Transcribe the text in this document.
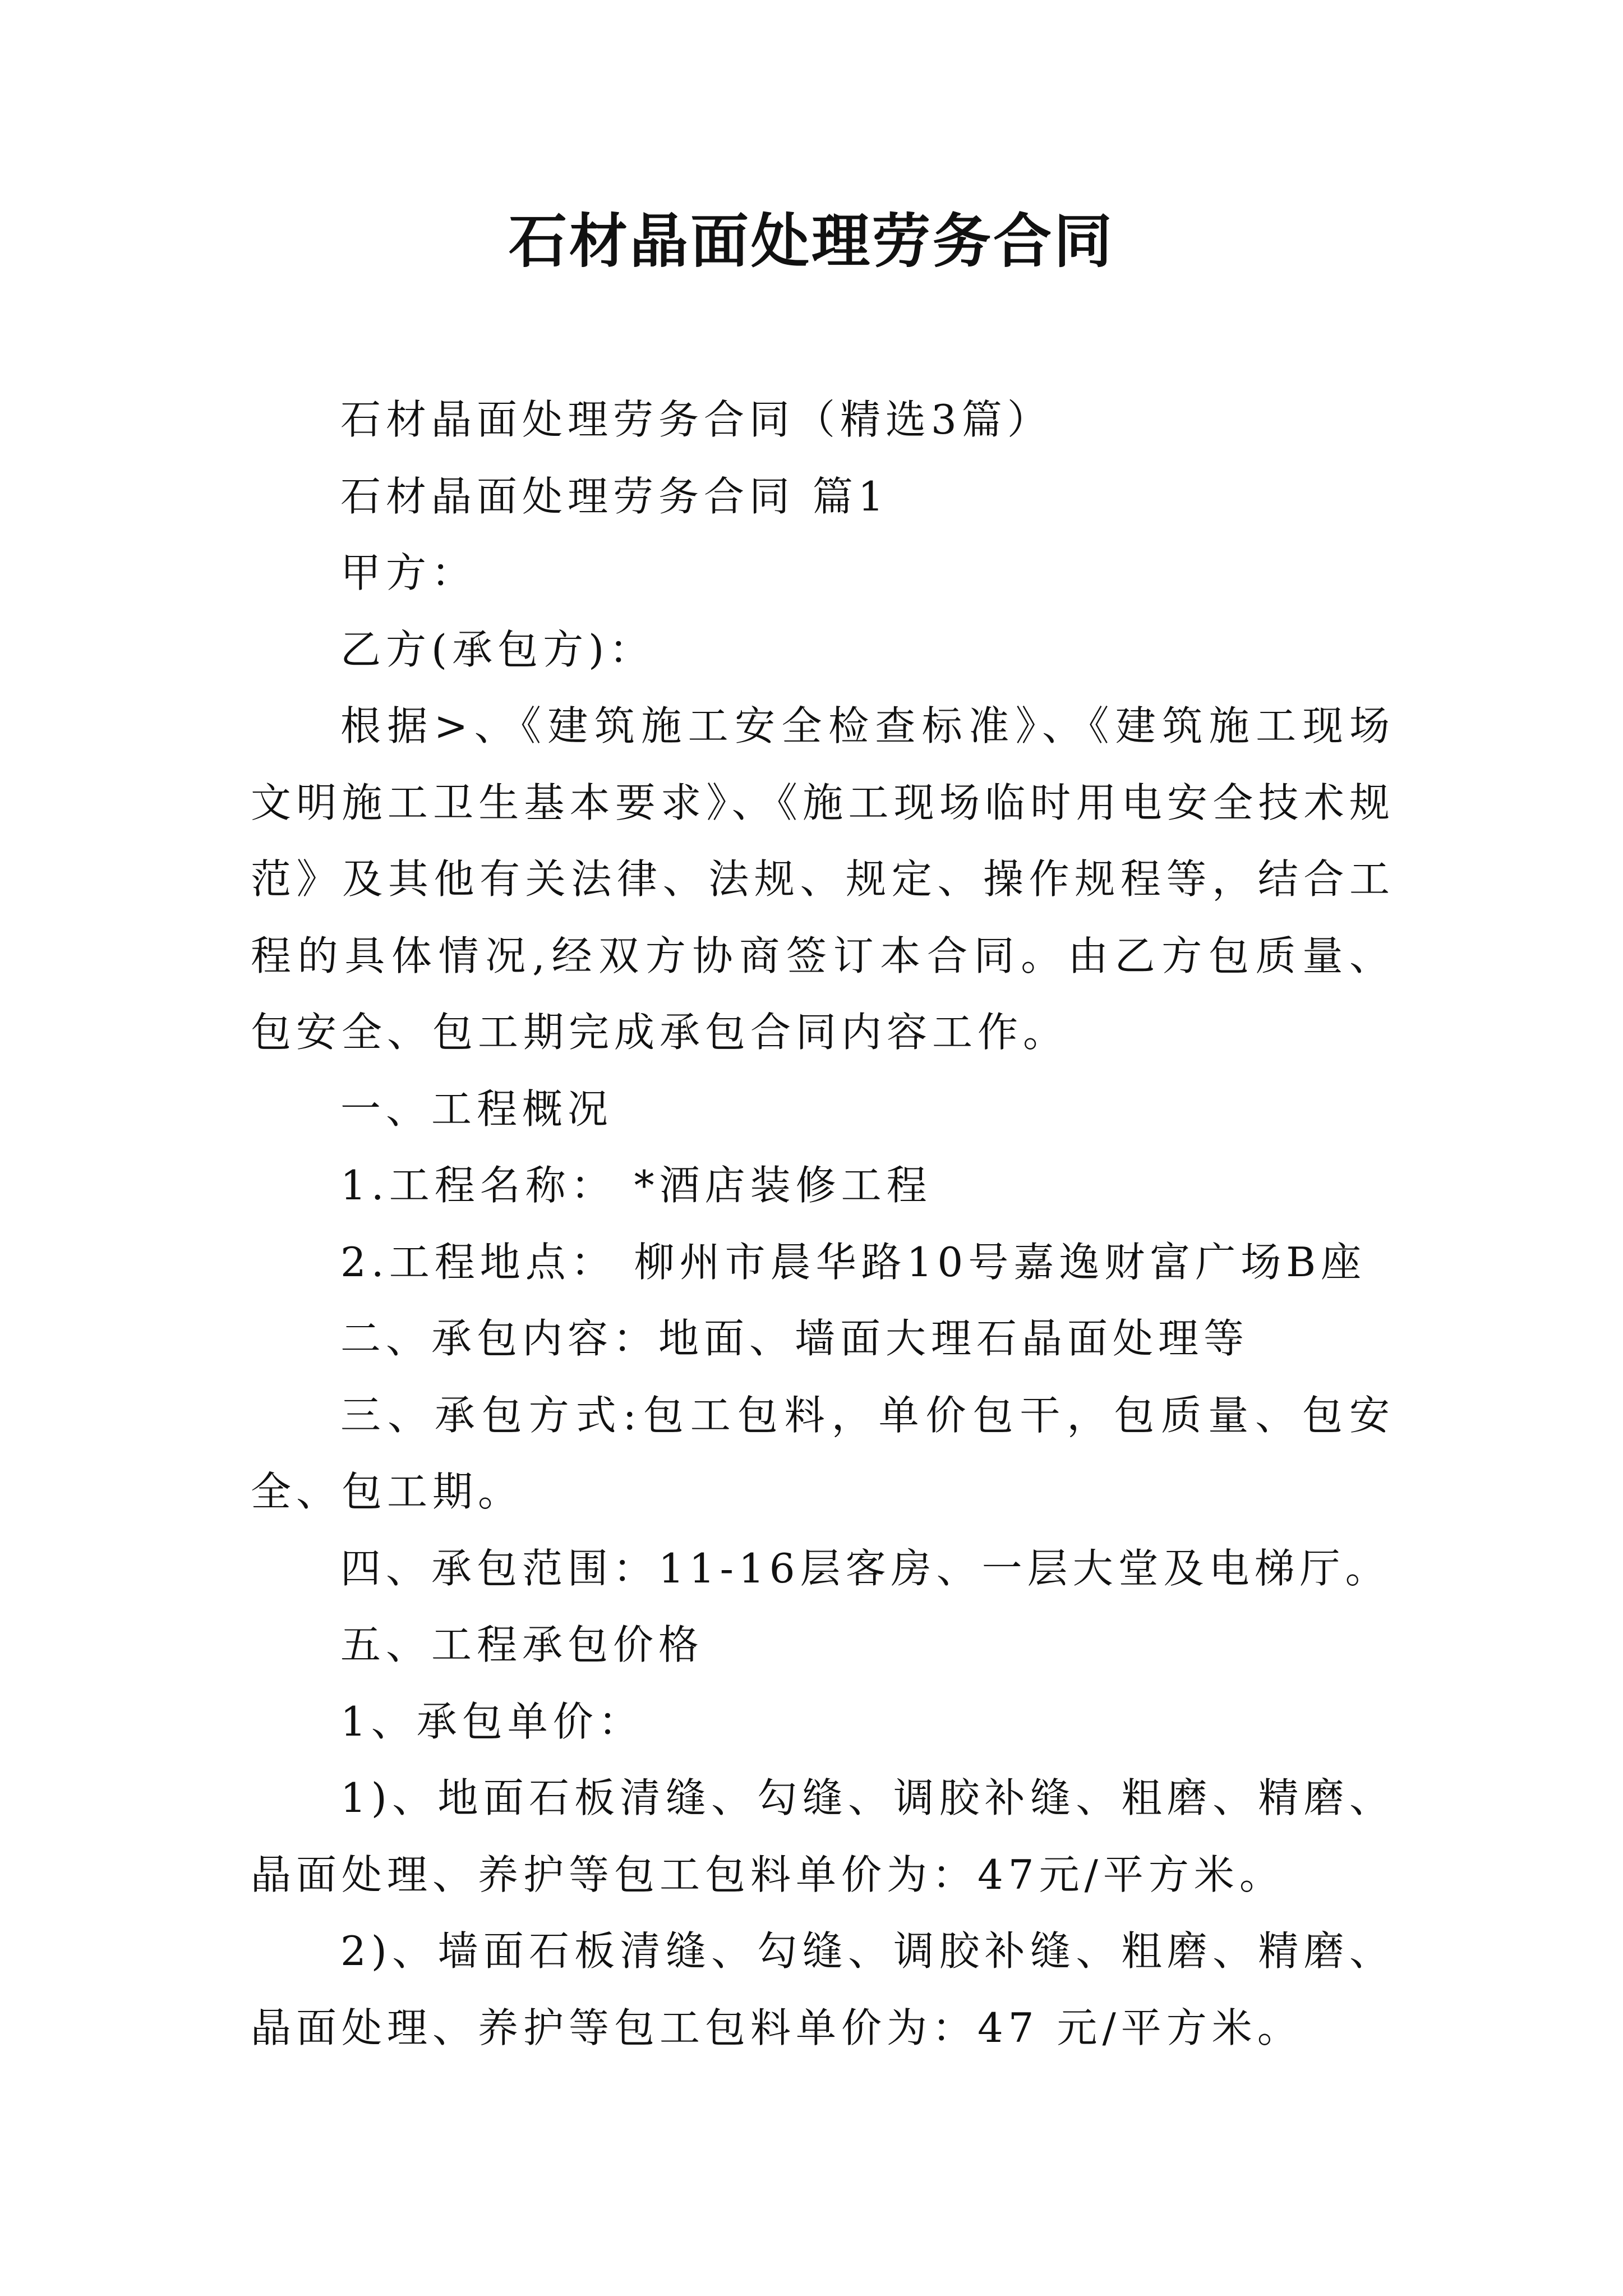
石材晶面处理劳务合同

石材晶面处理劳务合同（精选3篇）

石材晶面处理劳务合同 篇1

甲方：

乙方(承包方)：

根据>、《建筑施工安全检查标准》、《建筑施工现场文明施工卫生基本要求》、《施工现场临时用电安全技术规范》及其他有关法律、法规、规定、操作规程等，结合工程的具体情况,经双方协商签订本合同。由乙方包质量、包安全、包工期完成承包合同内容工作。

一、工程概况

1.工程名称： *酒店装修工程

2.工程地点： 柳州市晨华路10号嘉逸财富广场B座

二、承包内容：地面、墙面大理石晶面处理等

三、承包方式:包工包料，单价包干，包质量、包安全、包工期。

四、承包范围：11-16层客房、一层大堂及电梯厅。

五、工程承包价格

1、承包单价：

1)、地面石板清缝、勾缝、调胶补缝、粗磨、精磨、晶面处理、养护等包工包料单价为：47元/平方米。

2)、墙面石板清缝、勾缝、调胶补缝、粗磨、精磨、晶面处理、养护等包工包料单价为：47 元/平方米。
